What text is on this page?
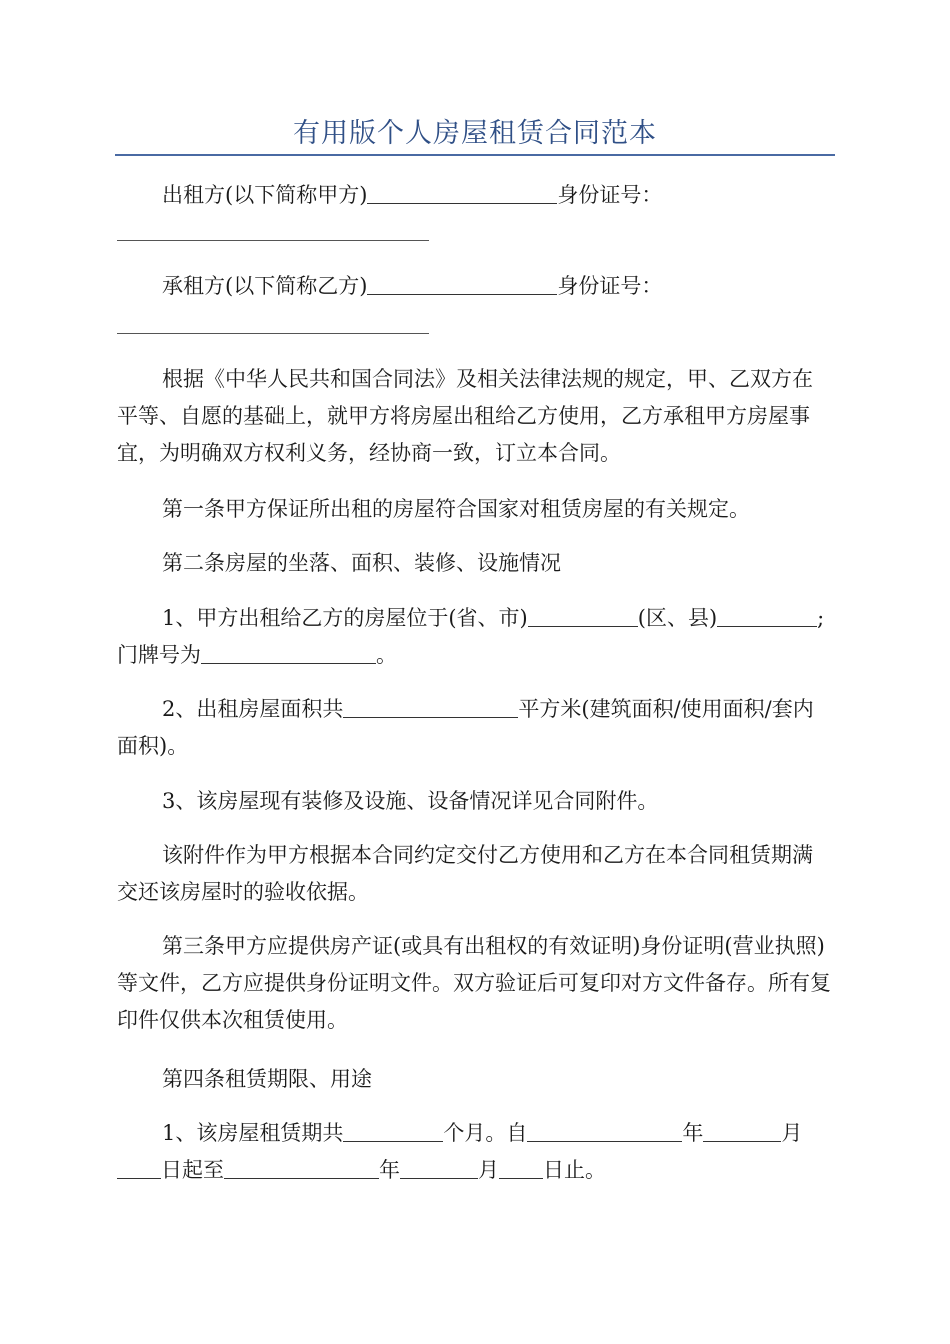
有用版个人房屋租赁合同范本

出租方(以下简称甲方)	身份证号：

承租方(以下简称乙方)	身份证号：

根据《中华人民共和国合同法》及相关法律法规的规定，甲、乙双方在平等、自愿的基础上，就甲方将房屋出租给乙方使用，乙方承租甲方房屋事宜，为明确双方权利义务，经协商一致，订立本合同。

第一条甲方保证所出租的房屋符合国家对租赁房屋的有关规定。

第二条房屋的坐落、面积、装修、设施情况

1、甲方出租给乙方的房屋位于(省、市)	(区、县)	;门牌号为	。

2、出租房屋面积共	平方米(建筑面积/使用面积/套内面积)。

3、该房屋现有装修及设施、设备情况详见合同附件。

该附件作为甲方根据本合同约定交付乙方使用和乙方在本合同租赁期满交还该房屋时的验收依据。

第三条甲方应提供房产证(或具有出租权的有效证明)身份证明(营业执照)等文件，乙方应提供身份证明文件。双方验证后可复印对方文件备存。所有复印件仅供本次租赁使用。

第四条租赁期限、用途

1、该房屋租赁期共	个月。自	年	月日起至	年	月 日止。
